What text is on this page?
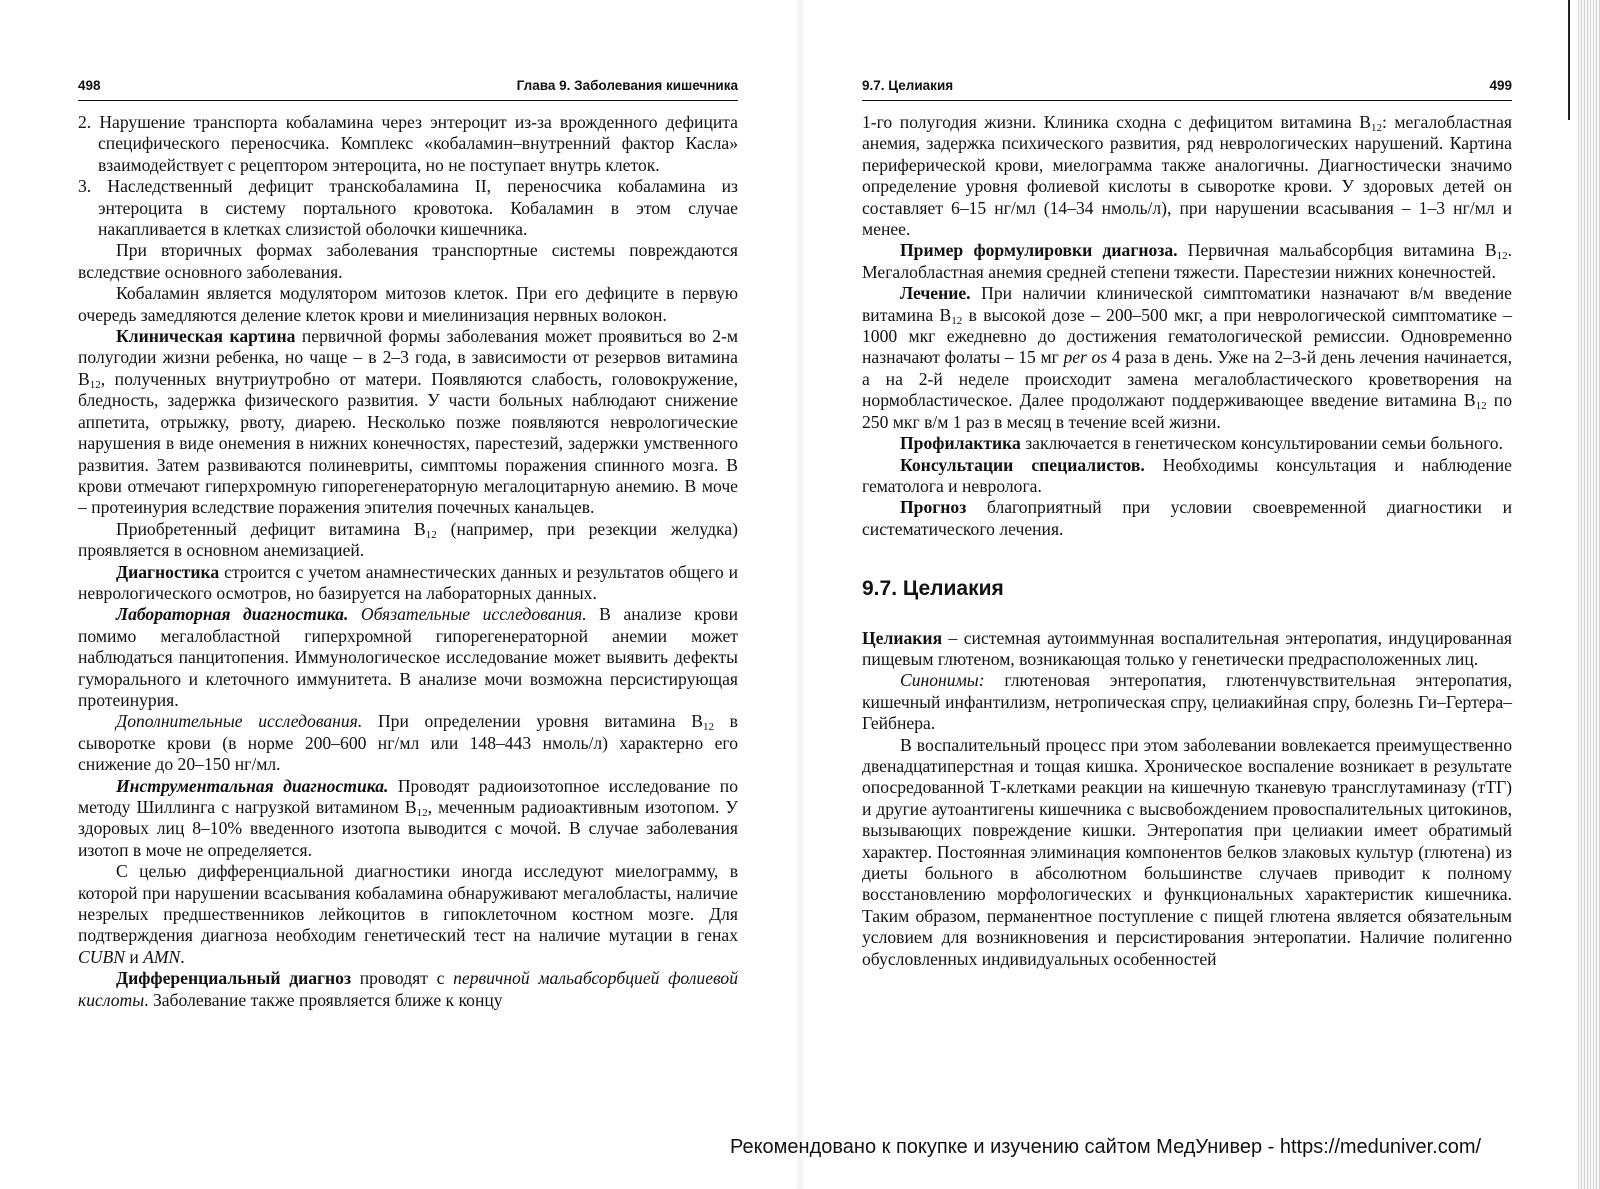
498	Глава 9. Заболевания кишечника

2. Нарушение транспорта кобаламина через энтероцит из-за врожденного дефицита специфического переносчика. Комплекс «кобаламин–внутренний фактор Касла» взаимодействует с рецептором энтероцита, но не поступает внутрь клеток.

3. Наследственный дефицит транскобаламина II, переносчика кобаламина из энтероцита в систему портального кровотока. Кобаламин в этом случае накапливается в клетках слизистой оболочки кишечника.

При вторичных формах заболевания транспортные системы повреждаются вследствие основного заболевания.

Кобаламин является модулятором митозов клеток. При его дефиците в первую очередь замедляются деление клеток крови и миелинизация нервных волокон.

Клиническая картина первичной формы заболевания может проявиться во 2-м полугодии жизни ребенка, но чаще – в 2–3 года, в зависимости от резервов витамина $B_{12}$, полученных внутриутробно от матери. Появляются слабость, головокружение, бледность, задержка физического развития. У части больных наблюдают снижение аппетита, отрыжку, рвоту, диарею. Несколько позже появляются неврологические нарушения в виде онемения в нижних конечностях, парестезий, задержки умственного развития. Затем развиваются полиневриты, симптомы поражения спинного мозга. В крови отмечают гиперхромную гипорегенераторную мегалоцитарную анемию. В моче – протеинурия вследствие поражения эпителия почечных канальцев.

Приобретенный дефицит витамина $B_{12}$ (например, при резекции желудка) проявляется в основном анемизацией.

Диагностика строится с учетом анамнестических данных и результатов общего и неврологического осмотров, но базируется на лабораторных данных.

Лабораторная диагностика. Обязательные исследования. В анализе крови помимо мегалобластной гиперхромной гипорегенераторной анемии может наблюдаться панцитопения. Иммунологическое исследование может выявить дефекты гуморального и клеточного иммунитета. В анализе мочи возможна персистирующая протеинурия.

Дополнительные исследования. При определении уровня витамина $B_{12}$ в сыворотке крови (в норме 200–600 нг/мл или 148–443 нмоль/л) характерно его снижение до 20–150 нг/мл.

Инструментальная диагностика. Проводят радиоизотопное исследование по методу Шиллинга с нагрузкой витамином $B_{12}$, меченным радиоактивным изотопом. У здоровых лиц 8–10% введенного изотопа выводится с мочой. В случае заболевания изотоп в моче не определяется.

С целью дифференциальной диагностики иногда исследуют миелограмму, в которой при нарушении всасывания кобаламина обнаруживают мегалобласты, наличие незрелых предшественников лейкоцитов в гипоклеточном костном мозге. Для подтверждения диагноза необходим генетический тест на наличие мутации в генах CUBN и AMN.

Дифференциальный диагноз проводят с первичной мальабсорбцией фолиевой кислоты. Заболевание также проявляется ближе к концу

9.7. Целиакия	499

1-го полугодия жизни. Клиника сходна с дефицитом витамина $B_{12}$: мегалобластная анемия, задержка психического развития, ряд неврологических нарушений. Картина периферической крови, миелограмма также аналогичны. Диагностически значимо определение уровня фолиевой кислоты в сыворотке крови. У здоровых детей он составляет 6–15 нг/мл (14–34 нмоль/л), при нарушении всасывания – 1–3 нг/мл и менее.

Пример формулировки диагноза. Первичная мальабсорбция витамина $B_{12}$. Мегалобластная анемия средней степени тяжести. Парестезии нижних конечностей.

Лечение. При наличии клинической симптоматики назначают в/м введение витамина $B_{12}$ в высокой дозе – 200–500 мкг, а при неврологической симптоматике – 1000 мкг ежедневно до достижения гематологической ремиссии. Одновременно назначают фолаты – 15 мг per os 4 раза в день. Уже на 2–3-й день лечения начинается, а на 2-й неделе происходит замена мегалобластического кроветворения на нормобластическое. Далее продолжают поддерживающее введение витамина $B_{12}$ по 250 мкг в/м 1 раз в месяц в течение всей жизни.

Профилактика заключается в генетическом консультировании семьи больного.

Консультации специалистов. Необходимы консультация и наблюдение гематолога и невролога.

Прогноз благоприятный при условии своевременной диагностики и систематического лечения.

9.7. Целиакия

Целиакия – системная аутоиммунная воспалительная энтеропатия, индуцированная пищевым глютеном, возникающая только у генетически предрасположенных лиц.

Синонимы: глютеновая энтеропатия, глютенчувствительная энтеропатия, кишечный инфантилизм, нетропическая спру, целиакийная спру, болезнь Ги–Гертера–Гейбнера.

В воспалительный процесс при этом заболевании вовлекается преимущественно двенадцатиперстная и тощая кишка. Хроническое воспаление возникает в результате опосредованной Т-клетками реакции на кишечную тканевую трансглутаминазу (тТГ) и другие аутоантигены кишечника с высвобождением провоспалительных цитокинов, вызывающих повреждение кишки. Энтеропатия при целиакии имеет обратимый характер. Постоянная элиминация компонентов белков злаковых культур (глютена) из диеты больного в абсолютном большинстве случаев приводит к полному восстановлению морфологических и функциональных характеристик кишечника. Таким образом, перманентное поступление с пищей глютена является обязательным условием для возникновения и персистирования энтеропатии. Наличие полигенно обусловленных индивидуальных особенностей

Рекомендовано к покупке и изучению сайтом МедУнивер - https://meduniver.com/
